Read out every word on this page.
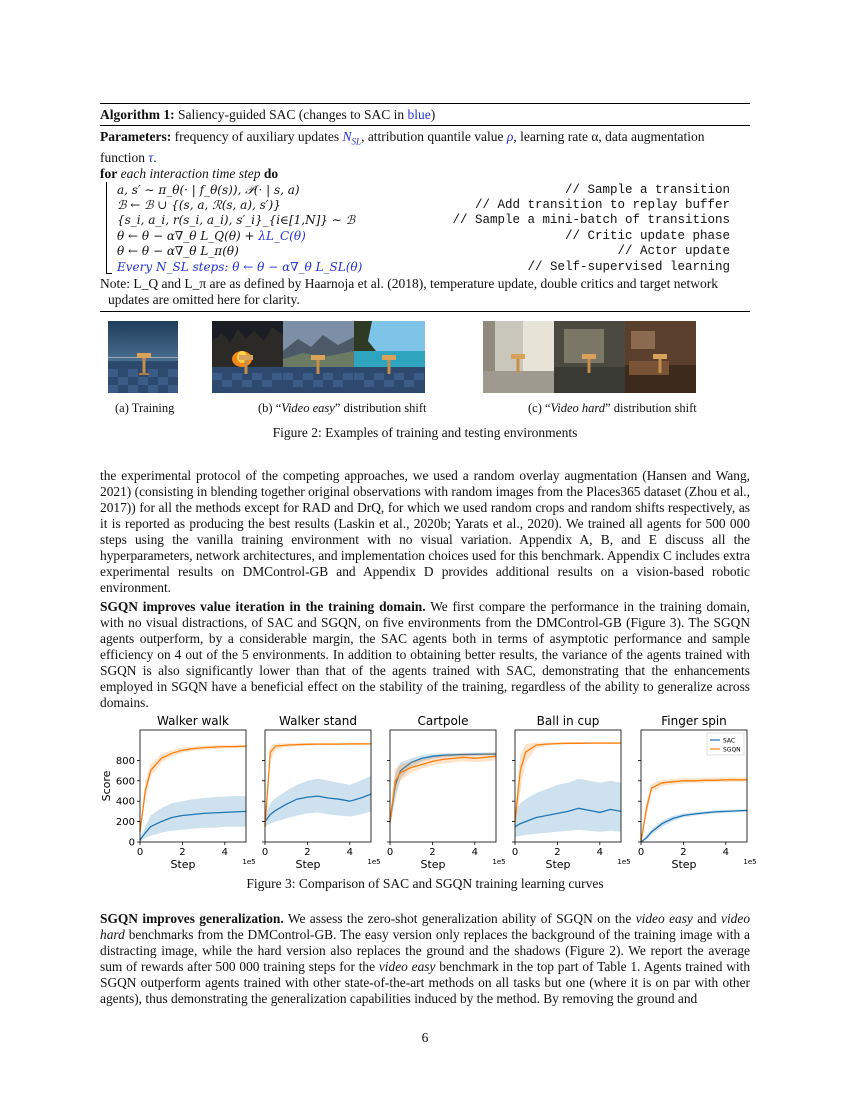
Algorithm 1: Saliency-guided SAC (changes to SAC in blue)
Parameters: frequency of auxiliary updates $N_{SL}$, attribution quantile value ρ, learning rate α, data augmentation
function τ.
for each interaction time step do
a, s′ ∼ π_θ(· | f_θ(s)), 𝒫(· | s, a)	// Sample a transition
ℬ ← ℬ ∪ {(s, a, ℛ(s, a), s′)}	// Add transition to replay buffer
{s_i, a_i, r(s_i, a_i), s′_i}_{i∈[1,N]} ∼ ℬ	// Sample a mini-batch of transitions
θ ← θ − α∇_θ L_Q(θ) + λL_C(θ)	// Critic update phase
θ ← θ − α∇_θ L_π(θ)	// Actor update
Every N_SL steps: θ ← θ − α∇_θ L_SL(θ)	// Self-supervised learning
Note: L_Q and L_π are as defined by Haarnoja et al. (2018), temperature update, double critics and target network
updates are omitted here for clarity.
(a) Training	(b) “Video easy” distribution shift	(c) “Video hard” distribution shift
Figure 2: Examples of training and testing environments
the experimental protocol of the competing approaches, we used a random overlay augmentation (Hansen and Wang, 2021) (consisting in blending together original observations with random images from the Places365 dataset (Zhou et al., 2017)) for all the methods except for RAD and DrQ, for which we used random crops and random shifts respectively, as it is reported as producing the best results (Laskin et al., 2020b; Yarats et al., 2020). We trained all agents for 500 000 steps using the vanilla training environment with no visual variation. Appendix A, B, and E discuss all the hyperparameters, network architectures, and implementation choices used for this benchmark. Appendix C includes extra experimental results on DMControl-GB and Appendix D provides additional results on a vision-based robotic environment.
SGQN improves value iteration in the training domain. We first compare the performance in the training domain, with no visual distractions, of SAC and SGQN, on five environments from the DMControl-GB (Figure 3). The SGQN agents outperform, by a considerable margin, the SAC agents both in terms of asymptotic performance and sample efficiency on 4 out of the 5 environments. In addition to obtaining better results, the variance of the agents trained with SGQN is also significantly lower than that of the agents trained with SAC, demonstrating that the enhancements employed in SGQN have a beneficial effect on the stability of the training, regardless of the ability to generalize across domains.
Walker walk
0	2	4
1e5
Step
0
200
400
600
800
Score
Walker stand
0	2	4
1e5
Step
Cartpole
0	2	4
1e5
Step
Ball in cup
0	2	4
1e5
Step
Finger spin
0	2	4
1e5
Step
SAC
SGQN
Figure 3: Comparison of SAC and SGQN training learning curves
SGQN improves generalization. We assess the zero-shot generalization ability of SGQN on the video easy and video hard benchmarks from the DMControl-GB. The easy version only replaces the background of the training image with a distracting image, while the hard version also replaces the ground and the shadows (Figure 2). We report the average sum of rewards after 500 000 training steps for the video easy benchmark in the top part of Table 1. Agents trained with SGQN outperform agents trained with other state-of-the-art methods on all tasks but one (where it is on par with other agents), thus demonstrating the generalization capabilities induced by the method. By removing the ground and
6
